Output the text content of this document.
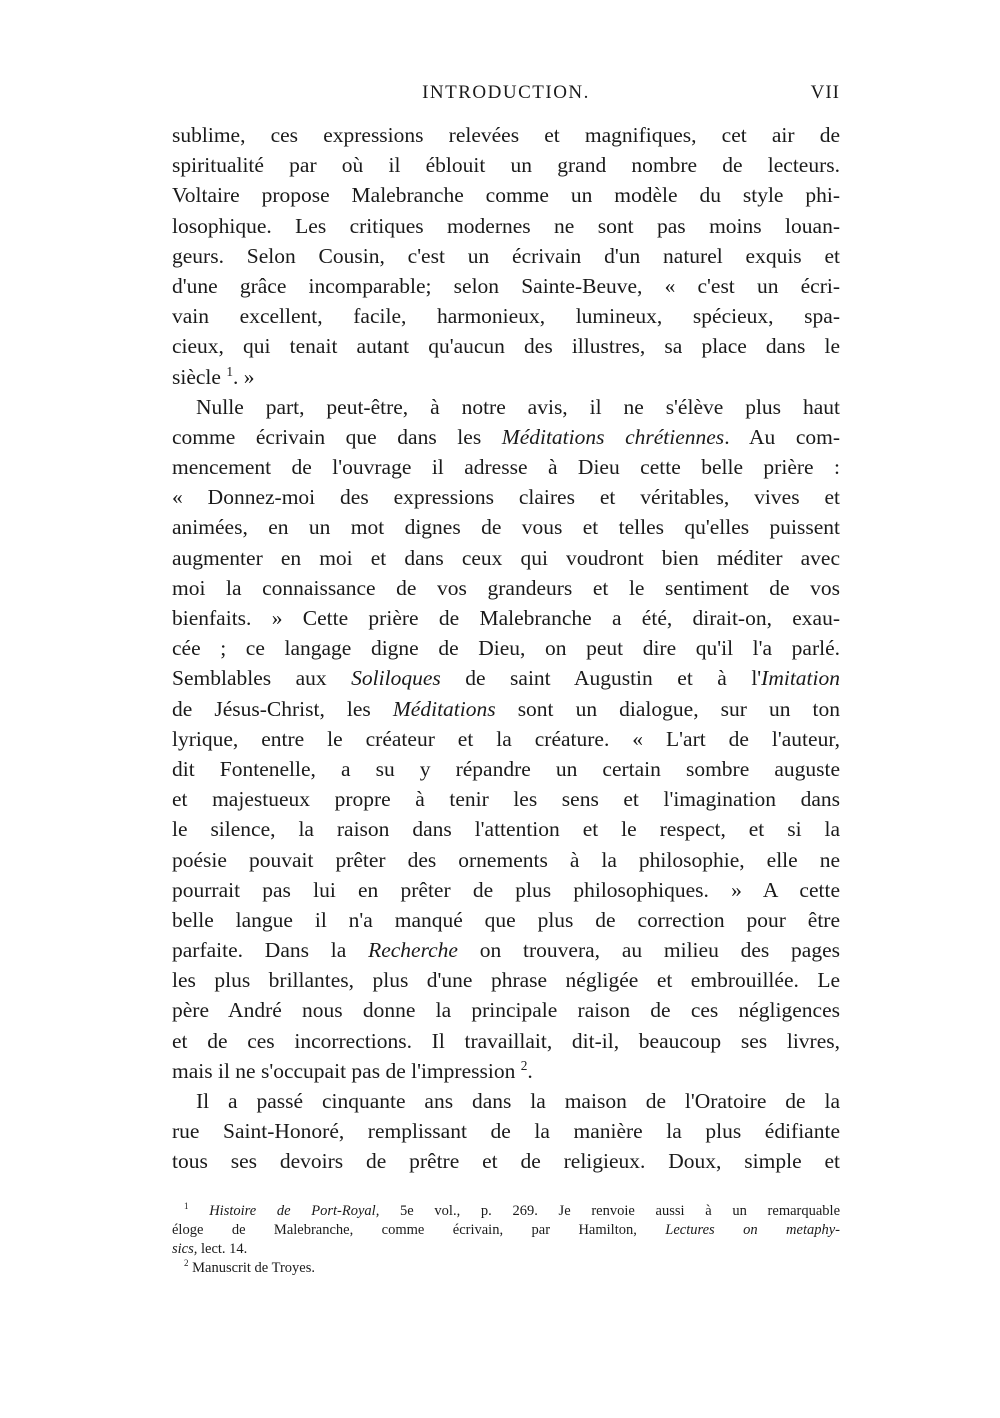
INTRODUCTION.	VII
sublime, ces expressions relevées et magnifiques, cet air de
spiritualité par où il éblouit un grand nombre de lecteurs.
Voltaire propose Malebranche comme un modèle du style phi-
losophique. Les critiques modernes ne sont pas moins louan-
geurs. Selon Cousin, c'est un écrivain d'un naturel exquis et
d'une grâce incomparable; selon Sainte-Beuve, « c'est un écri-
vain excellent, facile, harmonieux, lumineux, spécieux, spa-
cieux, qui tenait autant qu'aucun des illustres, sa place dans le
siècle $^1$. »
Nulle part, peut-être, à notre avis, il ne s'élève plus haut
comme écrivain que dans les Méditations chrétiennes. Au com-
mencement de l'ouvrage il adresse à Dieu cette belle prière :
« Donnez-moi des expressions claires et véritables, vives et
animées, en un mot dignes de vous et telles qu'elles puissent
augmenter en moi et dans ceux qui voudront bien méditer avec
moi la connaissance de vos grandeurs et le sentiment de vos
bienfaits. » Cette prière de Malebranche a été, dirait-on, exau-
cée ; ce langage digne de Dieu, on peut dire qu'il l'a parlé.
Semblables aux Soliloques de saint Augustin et à l'Imitation
de Jésus-Christ, les Méditations sont un dialogue, sur un ton
lyrique, entre le créateur et la créature. « L'art de l'auteur,
dit Fontenelle, a su y répandre un certain sombre auguste
et majestueux propre à tenir les sens et l'imagination dans
le silence, la raison dans l'attention et le respect, et si la
poésie pouvait prêter des ornements à la philosophie, elle ne
pourrait pas lui en prêter de plus philosophiques. » A cette
belle langue il n'a manqué que plus de correction pour être
parfaite. Dans la Recherche on trouvera, au milieu des pages
les plus brillantes, plus d'une phrase négligée et embrouillée. Le
père André nous donne la principale raison de ces négligences
et de ces incorrections. Il travaillait, dit-il, beaucoup ses livres,
mais il ne s'occupait pas de l'impression $^2$.
Il a passé cinquante ans dans la maison de l'Oratoire de la
rue Saint-Honoré, remplissant de la manière la plus édifiante
tous ses devoirs de prêtre et de religieux. Doux, simple et
$^1$ Histoire de Port-Royal, 5e vol., p. 269. Je renvoie aussi à un remarquable
éloge de Malebranche, comme écrivain, par Hamilton, Lectures on metaphy-
sics, lect. 14.
$^2$ Manuscrit de Troyes.
